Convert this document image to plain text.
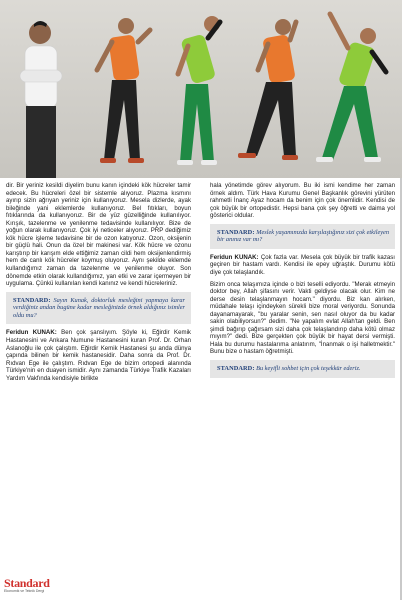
dir. Bir yeriniz kesildi diyelim bunu kanın içindeki kök hücreler tamir edecek. Bu hücreleri özel bir sistemle alıyoruz. Plazma kısmını ayırıp sizin ağrıyan yeriniz için kullanıyoruz. Mesela dizlerde, ayak bileğinde yani eklemlerde kullanıyoruz. Bel fıtıkları, boyun fıtıklarında da kullanıyoruz. Bir de yüz güzelliğinde kullanılıyor. Kırışık, tazelenme ve yenilenme tedavisinde kullanılıyor. Bize de yoğun olarak kullanıyoruz. Çok iyi neticeler alıyoruz. PRP dediğimiz kök hücre işleme tedavisine bir de ozon katıyoruz. Ozon, oksijenin bir güçlü hali. Onun da özel bir makinesi var. Kök hücre ve ozonu karıştırıp bir karışım elde ettiğimiz zaman cildi hem oksijenlendirmiş hem de canlı kök hücreler koymuş oluyoruz. Aynı şekilde eklemde kullandığımız zaman da tazelenme ve yenilenme oluyor. Son dönemde etkin olarak kullandığımız, yan etki ve zarar içermeyen bir uygulama. Çünkü kullanılan kendi kanınız ve kendi hücreleriniz.

STANDARD: Sayın Kunak, doktorluk mesleğini yapmaya karar verdiğiniz andan bugüne kadar mesleğinizde örnek aldığınız isimler oldu mu?

Feridun KUNAK: Ben çok şanslıyım. Şöyle ki, Eğirdir Kemik Hastanesini ve Ankara Numune Hastanesini kuran Prof. Dr. Orhan Aslanoğlu ile çok çalıştım. Eğirdir Kemik Hastanesi şu anda dünya çapında bilinen bir kemik hastanesidir. Daha sonra da Prof. Dr. Rıdvan Ege ile çalıştım. Rıdvan Ege de bizim ortopedi alanında Türkiye'nin en duayen ismidir. Aynı zamanda Türkiye Trafik Kazaları Yardım Vakfında kendisiyle birlikte

hala yönetimde görev alıyorum. Bu iki ismi kendime her zaman örnek aldım. Türk Hava Kurumu Genel Başkanlık görevini yürüten rahmetli İnanç Ayaz hocam da benim için çok önemlidir. Kendisi de çok büyük bir ortopedistir. Hepsi bana çok şey öğretti ve daima yol gösterici oldular.

STANDARD: Meslek yaşamınızda karşılaştığınız sizi çok etkileyen bir anınız var mı?

Feridun KUNAK: Çok fazla var. Mesela çok büyük bir trafik kazası geçiren bir hastam vardı. Kendisi ile epey uğraştık. Durumu kötü diye çok telaşlandık.

Bizim onca telaşımıza içinde o bizi teselli ediyordu. "Merak etmeyin doktor bey, Allah şifasını verir. Vakti geldiyse olacak olur. Kim ne derse desin telaşlanmayın hocam." diyordu. Biz kan alırken, müdahale telaşı içindeyken sürekli bize moral veriyordu. Sonunda dayanamayarak, "bu yaralar senin, sen nasıl oluyor da bu kadar sakin olabiliyorsun?" dedim. "Ne yapalım evlat Allah'tan geldi. Ben şimdi bağırıp çağırsam sizi daha çok telaşlandırıp daha kötü olmaz mıyım?" dedi. Bize gerçekten çok büyük bir hayat dersi vermişti. Hala bu durumu hastalarıma anlatırım, "İnanmak o işi halletmektir." Bunu bize o hastam öğretmişti.

STANDARD: Bu keyifli sohbet için çok teşekkür ederiz.
Standard
Ekonomik ve Teknik Dergi
